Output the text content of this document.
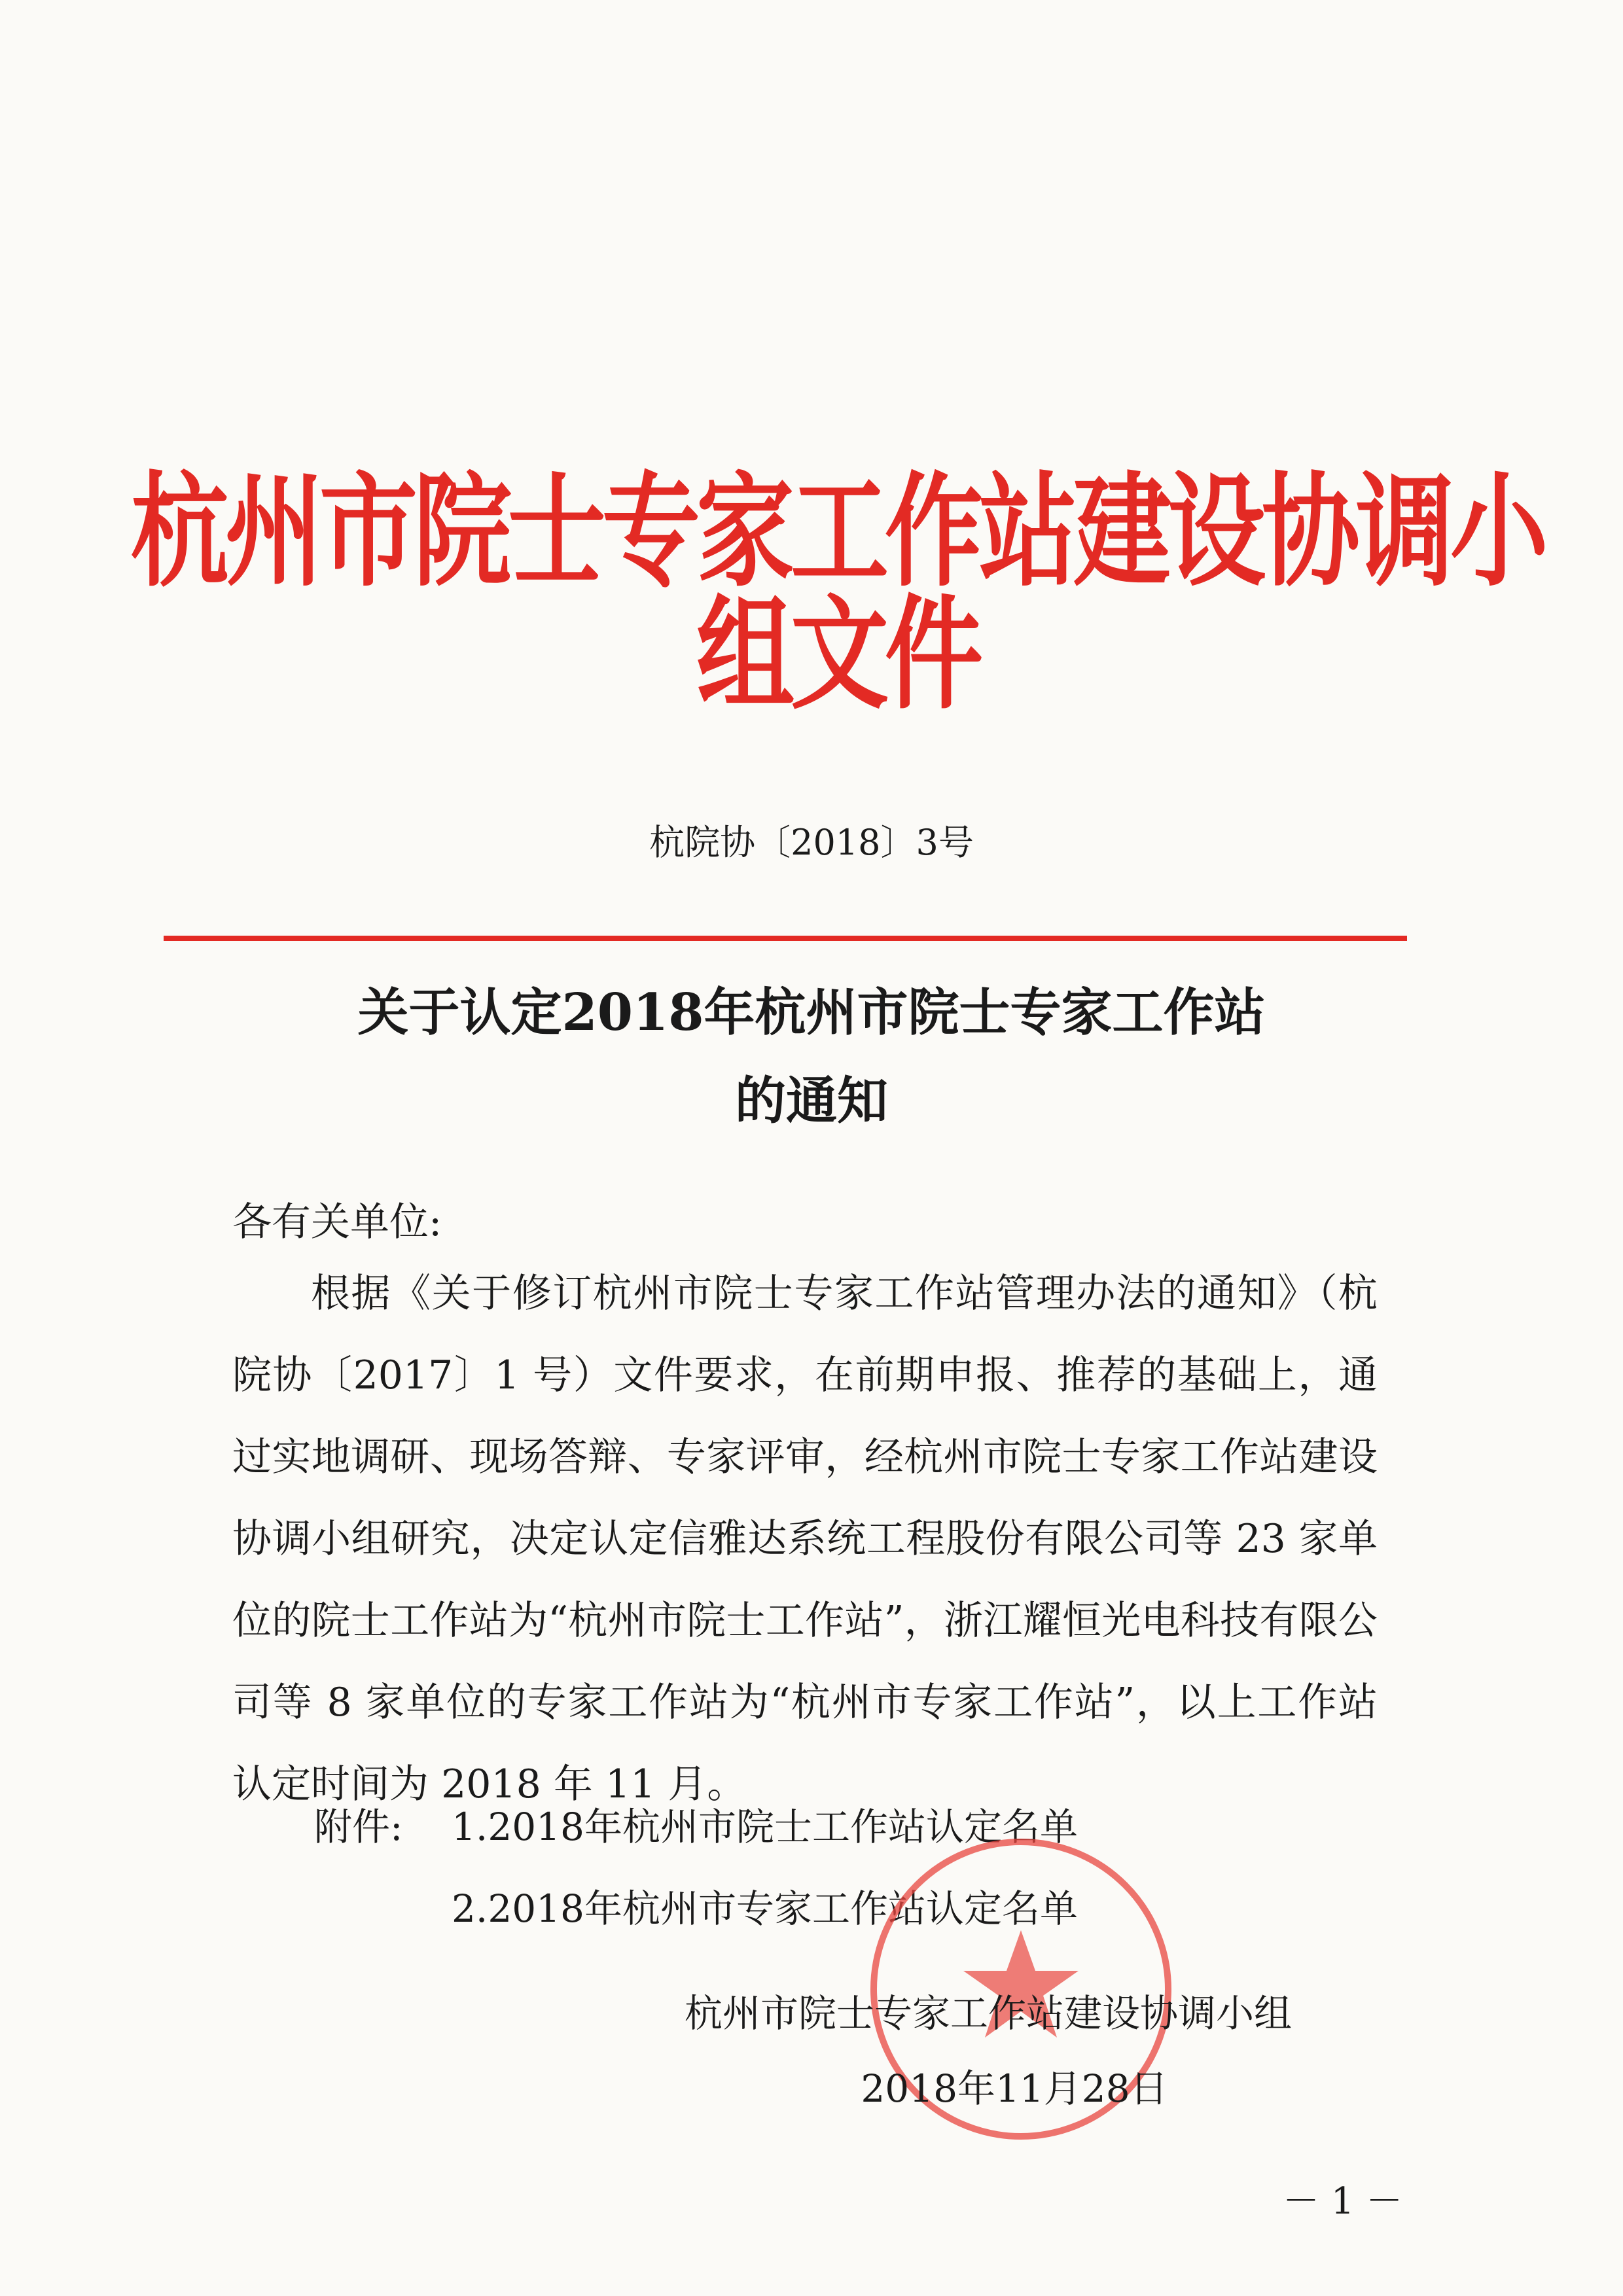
杭州市院士专家工作站建设协调小组文件
杭院协〔2018〕3号
关于认定2018年杭州市院士专家工作站
的通知
各有关单位:
根据《关于修订杭州市院士专家工作站管理办法的通知》（杭院协〔2017〕1 号）文件要求，在前期申报、推荐的基础上，通过实地调研、现场答辩、专家评审，经杭州市院士专家工作站建设协调小组研究，决定认定信雅达系统工程股份有限公司等 23 家单位的院士工作站为“杭州市院士工作站”，浙江耀恒光电科技有限公司等 8 家单位的专家工作站为“杭州市专家工作站”，以上工作站认定时间为 2018 年 11 月。
附件:	1.2018年杭州市院士工作站认定名单
2.2018年杭州市专家工作站认定名单
杭州市院士专家工作站建设协调小组
2018年11月28日
－ 1 －
